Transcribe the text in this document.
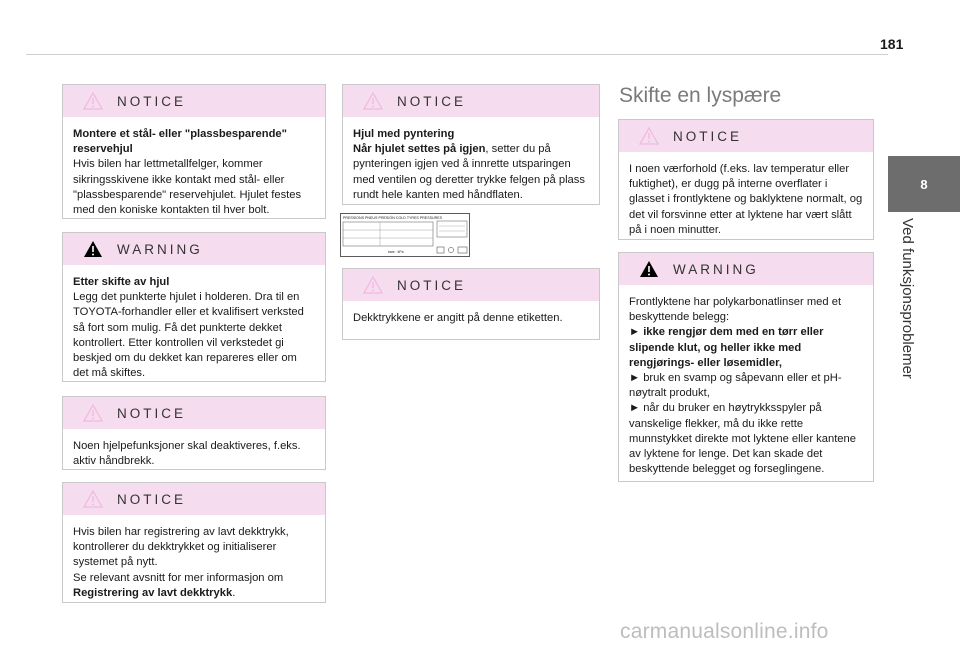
181
8
Ved funksjonsproblemer
NOTICE

Montere et stål- eller "plassbesparende"
reservehjul

Hvis bilen har lettmetallfelger, kommer sikringsskivene ikke kontakt med stål- eller "plassbesparende" reservehjulet. Hjulet festes med den koniske kontakten til hver bolt.

WARNING

Etter skifte av hjul

Legg det punkterte hjulet i holderen. Dra til en TOYOTA-forhandler eller et kvalifisert verksted så fort som mulig. Få det punkterte dekket kontrollert. Etter kontrollen vil verkstedet gi beskjed om du dekket kan repareres eller om det må skiftes.

NOTICE

Noen hjelpefunksjoner skal deaktiveres, f.eks. aktiv håndbrekk.

NOTICE

Hvis bilen har registrering av lavt dekktrykk, kontrollerer du dekktrykket og initialiserer systemet på nytt.

Se relevant avsnitt for mer informasjon om Registrering av lavt dekktrykk.

NOTICE

Hjul med pyntering

Når hjulet settes på igjen, setter du på pynteringen igjen ved å innrette utsparingen med ventilen og deretter trykke felgen på plass rundt hele kanten med håndflaten.

PRESSIONS PNEUS·PRESIÓN·COLD TYRES PRESSURES
bars · kPa
NOTICE

Dekktrykkene er angitt på denne etiketten.

Skifte en lyspære
NOTICE

I noen værforhold (f.eks. lav temperatur eller fuktighet), er dugg på interne overflater i glasset i frontlyktene og baklyktene normalt, og det vil forsvinne etter at lyktene har vært slått på i noen minutter.

WARNING

Frontlyktene har polykarbonatlinser med et beskyttende belegg:

► ikke rengjør dem med en tørr eller slipende klut, og heller ikke med rengjørings- eller løsemidler,

► bruk en svamp og såpevann eller et pH-nøytralt produkt,

► når du bruker en høytrykksspyler på vanskelige flekker, må du ikke rette munnstykket direkte mot lyktene eller kantene av lyktene for lenge. Det kan skade det beskyttende belegget og forseglingene.

carmanualsonline.info
